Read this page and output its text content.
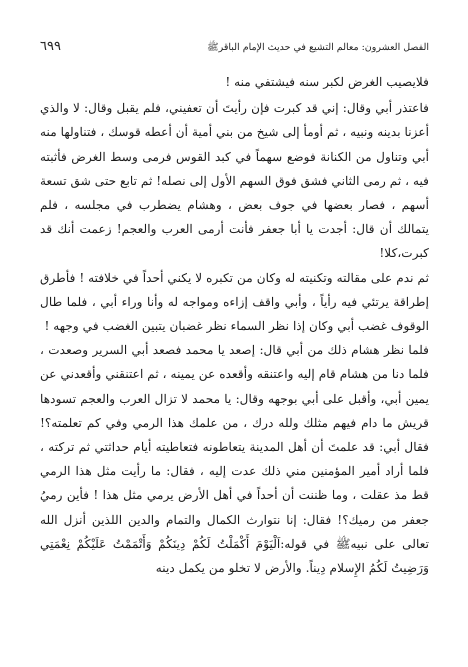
الفصل العشرون: معالم التشيع في حديث الإمام الباقرﷺ
٦٩٩

فلايصيب الغرض لكبر سنه فيشتفي منه !

فاعتذر أبي وقال: إني قد كبرت فإن رأيتَ أن تعفيني، فلم يقبل وقال: لا والذي أعزنا بدينه ونبيه ، ثم أومأ إلى شيخ من بني أمية أن أعطه قوسك ، فتناولها منه أبي وتناول من الكنانة فوضع سهماً في كبد القوس فرمى وسط الغرض فأثبته فيه ، ثم رمى الثاني فشق فوق السهم الأول إلى نصله! ثم تابع حتى شق تسعة أسهم ، فصار بعضها في جوف بعض ، وهشام يضطرب في مجلسه ، فلم يتمالك أن قال: أجدت يا أبا جعفر فأنت أرمى العرب والعجم! زعمت أنك قد كبرت،كلا!

ثم ندم على مقالته وتكنيته له وكان من تكبره لا يكني أحداً في خلافته ! فأطرق إطراقة يرتئي فيه رأياً ، وأبي واقف إزاءه ومواجه له وأنا وراء أبي ، فلما طال الوقوف غضب أبي وكان إذا نظر السماء نظر غضبان يتبين الغضب في وجهه !

فلما نظر هشام ذلك من أبي قال: إصعد يا محمد فصعد أبي السرير وصعدت ، فلما دنا من هشام قام إليه واعتنقه وأقعده عن يمينه ، ثم اعتنقني وأقعدني عن يمين أبي، وأقبل على أبي بوجهه وقال: يا محمد لا تزال العرب والعجم تسودها قريش ما دام فيهم مثلك ولله درك ، من علمك هذا الرمي وفي كم تعلمته؟! فقال أبي: قد علمتَ أن أهل المدينة يتعاطونه فتعاطيته أيام حداثتي ثم تركته ، فلما أراد أمير المؤمنين مني ذلك عدت إليه ، فقال: ما رأيت مثل هذا الرمي قط مذ عقلت ، وما ظننت أن أحداً في أهل الأرض يرمي مثل هذا ! فأين رميُ جعفر من رميك؟! فقال: إنا نتوارث الكمال والتمام والدين اللذين أنزل الله تعالى على نبيهﷺ في قوله:اَلْيَوْمَ أَكْمَلْتُ لَكُمْ دِينَكُمْ وَأَتْمَمْتُ عَلَيْكُمْ نِعْمَتِي وَرَضِيتُ لَكُمُ الإِسلام دِيناً. والأرض لا تخلو من يكمل دينه
